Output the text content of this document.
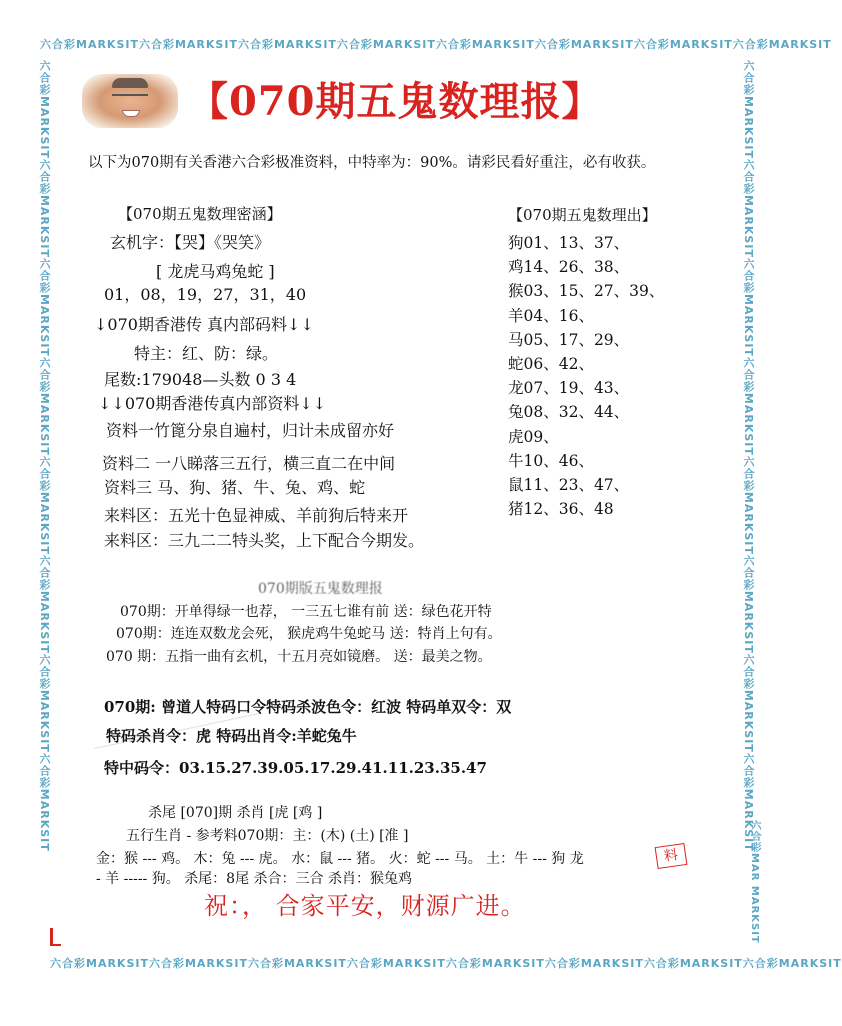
六合彩MARKSIT六合彩MARKSIT六合彩MARKSIT六合彩MARKSIT六合彩MARKSIT六合彩MARKSIT六合彩MARKSIT六合彩MARKSIT
六合彩MARKSIT六合彩MARKSIT六合彩MARKSIT六合彩MARKSIT六合彩MARKSIT六合彩MARKSIT六合彩MARKSIT六合彩MARKSIT
六合彩MARKSIT六合彩MARKSIT六合彩MARKSIT六合彩MARKSIT六合彩MARKSIT六合彩MARKSIT六合彩MARKSIT六合彩MARKSIT	六合彩MARKSIT六合彩MARKSIT六合彩MARKSIT六合彩MARKSIT六合彩MARKSIT六合彩MARKSIT六合彩MARKSIT六合彩MARKSIT
六合彩MAR MARKSIT
【070期五鬼数理报】
以下为070期有关香港六合彩极准资料，中特率为：90%。请彩民看好重注，必有收获。
【070期五鬼数理密涵】
玄机字：【哭】《哭笑》
[ 龙虎马鸡兔蛇 ]
01，08，19，27，31，40
↓070期香港传 真内部码料↓↓
特主：红、防：绿。
尾数:179048—头数 0 3 4
↓↓070期香港传真内部资料↓↓
资料一竹篦分泉自遍村，归计未成留亦好
资料二 一八睇落三五行，横三直二在中间
资料三 马、狗、猪、牛、兔、鸡、蛇
来料区：五光十色显神威、羊前狗后特来开
来料区：三九二二特头奖，上下配合今期发。
【070期五鬼数理出】
狗01、13、37、
鸡14、26、38、
猴03、15、27、39、
羊04、16、
马05、17、29、
蛇06、42、
龙07、19、43、
兔08、32、44、
虎09、
牛10、46、
鼠11、23、47、
猪12、36、48
070期版五鬼数理报
070期：开单得绿一也荐， 一三五七谁有前 送：绿色花开特
070期：连连双数龙会死， 猴虎鸡牛兔蛇马 送：特肖上句有。
070 期：五指一曲有玄机，十五月亮如镜磨。 送：最美之物。
070期: 曾道人特码口令特码杀波色令：红波 特码单双令：双
特码杀肖令：虎 特码出肖令:羊蛇兔牛
特中码令：03.15.27.39.05.17.29.41.11.23.35.47
杀尾 [070]期 杀肖 [虎 [鸡 ]
五行生肖 - 参考料070期：主：(木) (土) [准 ]
金：猴 --- 鸡。 木：兔 --- 虎。 水：鼠 --- 猪。 火：蛇 --- 马。 土：牛 --- 狗 龙
- 羊 ----- 狗。 杀尾：8尾 杀合：三合 杀肖：猴兔鸡
料
祝：， 合家平安，财源广进。
